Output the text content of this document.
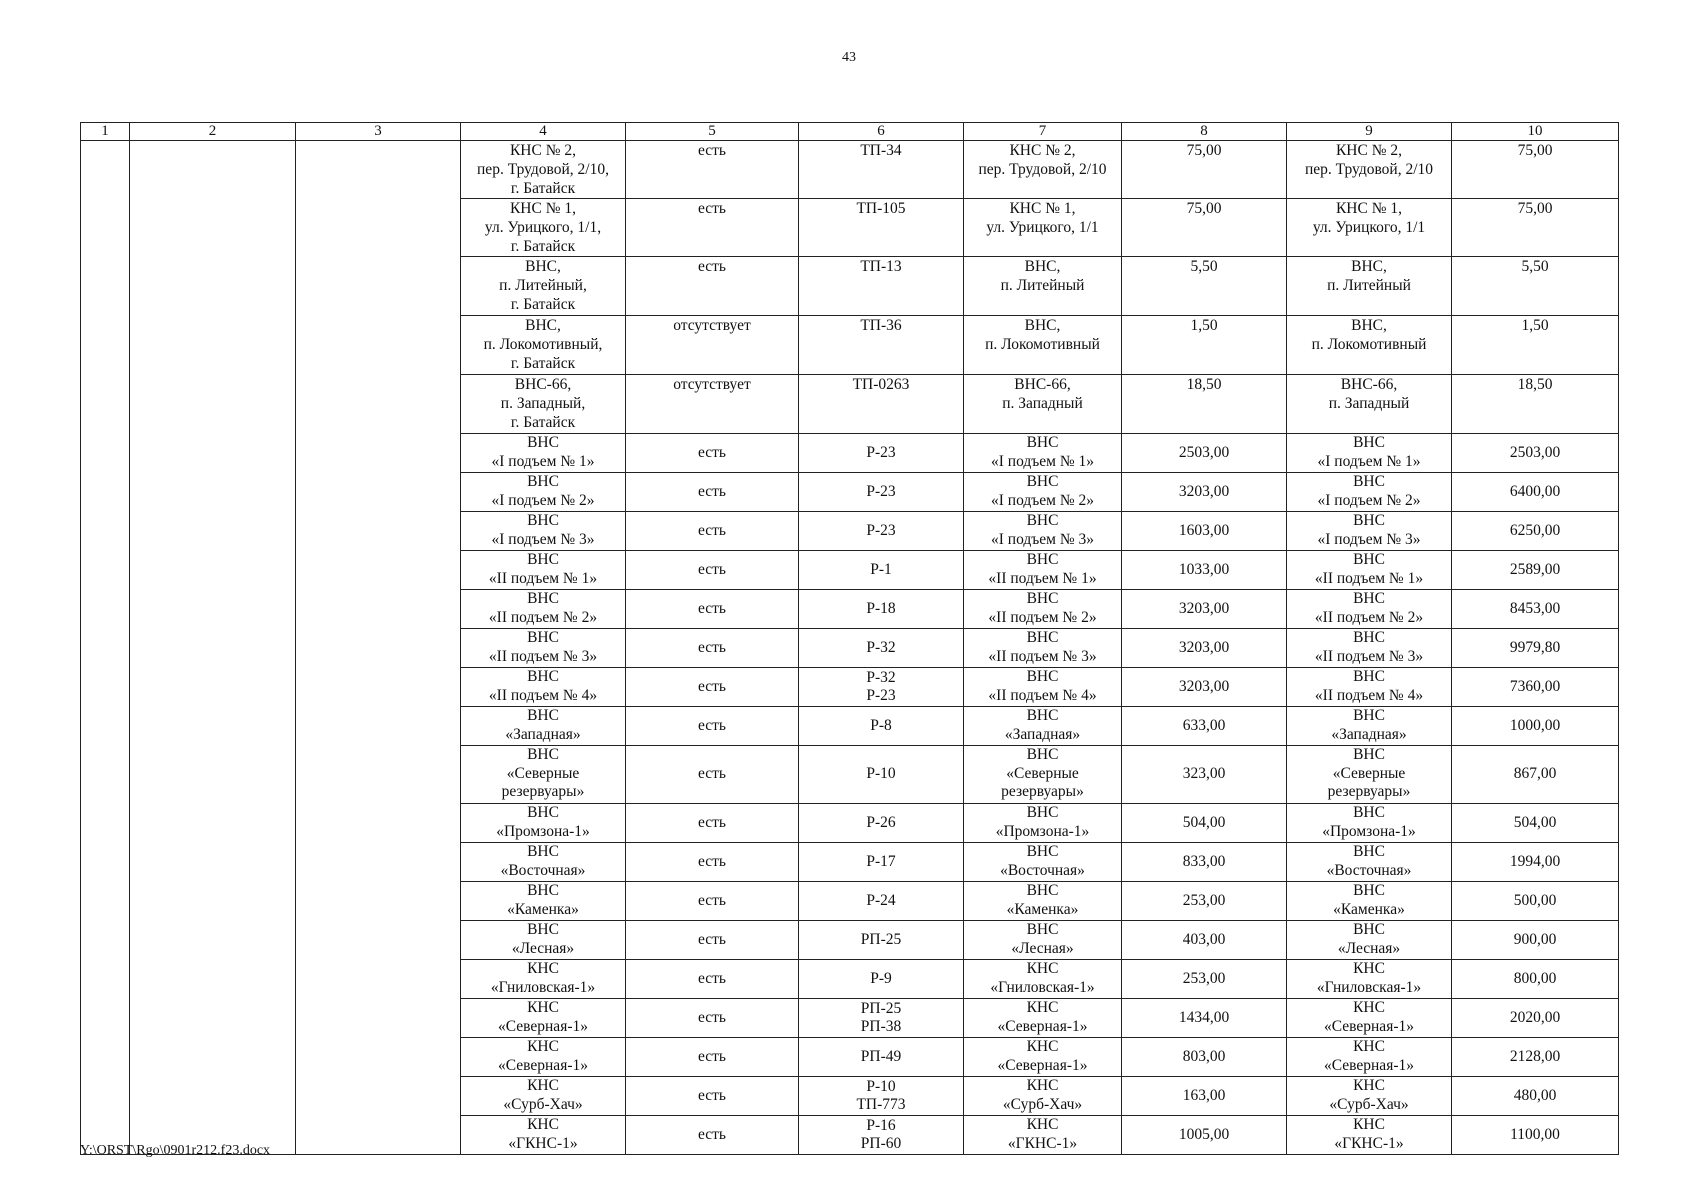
43
1	2	3	4	5	6	7	8	9	10

			КНС № 2,
пер. Трудовой, 2/10,
г. Батайск	есть	ТП-34	КНС № 2,
пер. Трудовой, 2/10	75,00	КНС № 2,
пер. Трудовой, 2/10	75,00

			КНС № 1,
ул. Урицкого, 1/1,
г. Батайск	есть	ТП-105	КНС № 1,
ул. Урицкого, 1/1	75,00	КНС № 1,
ул. Урицкого, 1/1	75,00

			ВНС,
п. Литейный,
г. Батайск	есть	ТП-13	ВНС,
п. Литейный	5,50	ВНС,
п. Литейный	5,50

			ВНС,
п. Локомотивный,
г. Батайск	отсутствует	ТП-36	ВНС,
п. Локомотивный	1,50	ВНС,
п. Локомотивный	1,50

			ВНС-66,
п. Западный,
г. Батайск	отсутствует	ТП-0263	ВНС-66,
п. Западный	18,50	ВНС-66,
п. Западный	18,50

			ВНС
«I подъем № 1»	есть	Р-23	ВНС
«I подъем № 1»	2503,00	ВНС
«I подъем № 1»	2503,00

			ВНС
«I подъем № 2»	есть	Р-23	ВНС
«I подъем № 2»	3203,00	ВНС
«I подъем № 2»	6400,00

			ВНС
«I подъем № 3»	есть	Р-23	ВНС
«I подъем № 3»	1603,00	ВНС
«I подъем № 3»	6250,00

			ВНС
«II подъем № 1»	есть	Р-1	ВНС
«II подъем № 1»	1033,00	ВНС
«II подъем № 1»	2589,00

			ВНС
«II подъем № 2»	есть	Р-18	ВНС
«II подъем № 2»	3203,00	ВНС
«II подъем № 2»	8453,00

			ВНС
«II подъем № 3»	есть	Р-32	ВНС
«II подъем № 3»	3203,00	ВНС
«II подъем № 3»	9979,80

			ВНС
«II подъем № 4»	есть	Р-32
Р-23	ВНС
«II подъем № 4»	3203,00	ВНС
«II подъем № 4»	7360,00

			ВНС
«Западная»	есть	Р-8	ВНС
«Западная»	633,00	ВНС
«Западная»	1000,00

			ВНС
«Северные
резервуары»	есть	Р-10	ВНС
«Северные
резервуары»	323,00	ВНС
«Северные
резервуары»	867,00

			ВНС
«Промзона-1»	есть	Р-26	ВНС
«Промзона-1»	504,00	ВНС
«Промзона-1»	504,00

			ВНС
«Восточная»	есть	Р-17	ВНС
«Восточная»	833,00	ВНС
«Восточная»	1994,00

			ВНС
«Каменка»	есть	Р-24	ВНС
«Каменка»	253,00	ВНС
«Каменка»	500,00

			ВНС
«Лесная»	есть	РП-25	ВНС
«Лесная»	403,00	ВНС
«Лесная»	900,00

			КНС
«Гниловская-1»	есть	Р-9	КНС
«Гниловская-1»	253,00	КНС
«Гниловская-1»	800,00

			КНС
«Северная-1»	есть	РП-25
РП-38	КНС
«Северная-1»	1434,00	КНС
«Северная-1»	2020,00

			КНС
«Северная-1»	есть	РП-49	КНС
«Северная-1»	803,00	КНС
«Северная-1»	2128,00

			КНС
«Сурб-Хач»	есть	Р-10
ТП-773	КНС
«Сурб-Хач»	163,00	КНС
«Сурб-Хач»	480,00

			КНС
«ГКНС-1»	есть	Р-16
РП-60	КНС
«ГКНС-1»	1005,00	КНС
«ГКНС-1»	1100,00
Y:\ORST\Rgo\0901r212.f23.docx
